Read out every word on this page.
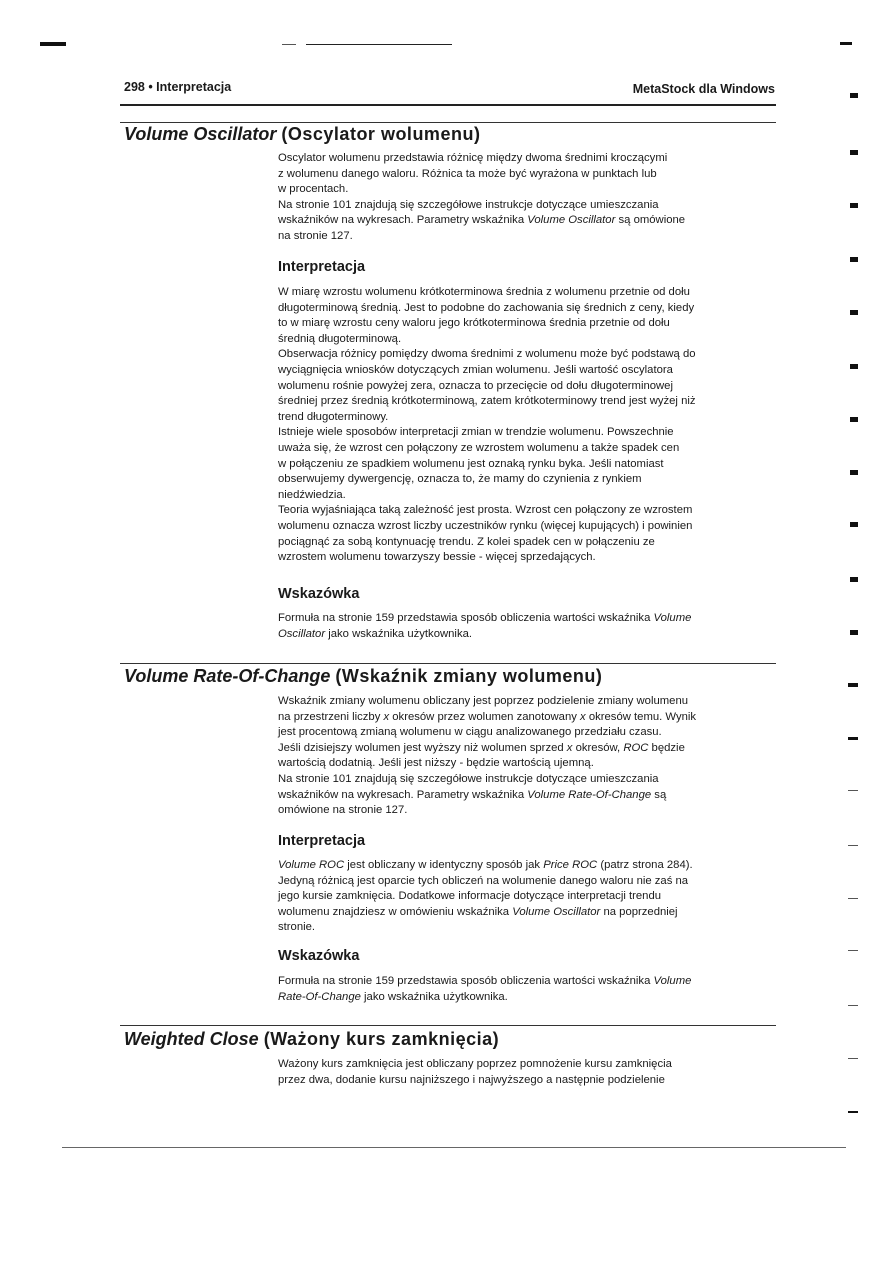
298 • Interpretacja	MetaStock dla Windows
Volume Oscillator (Oscylator wolumenu)

Oscylator wolumenu przedstawia różnicę między dwoma średnimi kroczącymi
z wolumenu danego waloru. Różnica ta może być wyrażona w punktach lub
w procentach.
Na stronie 101 znajdują się szczegółowe instrukcje dotyczące umieszczania
wskaźników na wykresach. Parametry wskaźnika Volume Oscillator są omówione
na stronie 127.

Interpretacja

W miarę wzrostu wolumenu krótkoterminowa średnia z wolumenu przetnie od dołu
długoterminową średnią. Jest to podobne do zachowania się średnich z ceny, kiedy
to w miarę wzrostu ceny waloru jego krótkoterminowa średnia przetnie od dołu
średnią długoterminową.
Obserwacja różnicy pomiędzy dwoma średnimi z wolumenu może być podstawą do
wyciągnięcia wniosków dotyczących zmian wolumenu. Jeśli wartość oscylatora
wolumenu rośnie powyżej zera, oznacza to przecięcie od dołu długoterminowej
średniej przez średnią krótkoterminową, zatem krótkoterminowy trend jest wyżej niż
trend długoterminowy.
Istnieje wiele sposobów interpretacji zmian w trendzie wolumenu. Powszechnie
uważa się, że wzrost cen połączony ze wzrostem wolumenu a także spadek cen
w połączeniu ze spadkiem wolumenu jest oznaką rynku byka. Jeśli natomiast
obserwujemy dywergencję, oznacza to, że mamy do czynienia z rynkiem
niedźwiedzia.
Teoria wyjaśniająca taką zależność jest prosta. Wzrost cen połączony ze wzrostem
wolumenu oznacza wzrost liczby uczestników rynku (więcej kupujących) i powinien
pociągnąć za sobą kontynuację trendu. Z kolei spadek cen w połączeniu ze
wzrostem wolumenu towarzyszy bessie - więcej sprzedających.

Wskazówka

Formuła na stronie 159 przedstawia sposób obliczenia wartości wskaźnika Volume
Oscillator jako wskaźnika użytkownika.

Volume Rate-Of-Change (Wskaźnik zmiany wolumenu)

Wskaźnik zmiany wolumenu obliczany jest poprzez podzielenie zmiany wolumenu
na przestrzeni liczby x okresów przez wolumen zanotowany x okresów temu. Wynik
jest procentową zmianą wolumenu w ciągu analizowanego przedziału czasu.
Jeśli dzisiejszy wolumen jest wyższy niż wolumen sprzed x okresów, ROC będzie
wartością dodatnią. Jeśli jest niższy - będzie wartością ujemną.
Na stronie 101 znajdują się szczegółowe instrukcje dotyczące umieszczania
wskaźników na wykresach. Parametry wskaźnika Volume Rate-Of-Change są
omówione na stronie 127.

Interpretacja

Volume ROC jest obliczany w identyczny sposób jak Price ROC (patrz strona 284).
Jedyną różnicą jest oparcie tych obliczeń na wolumenie danego waloru nie zaś na
jego kursie zamknięcia. Dodatkowe informacje dotyczące interpretacji trendu
wolumenu znajdziesz w omówieniu wskaźnika Volume Oscillator na poprzedniej
stronie.

Wskazówka

Formuła na stronie 159 przedstawia sposób obliczenia wartości wskaźnika Volume
Rate-Of-Change jako wskaźnika użytkownika.

Weighted Close (Ważony kurs zamknięcia)

Ważony kurs zamknięcia jest obliczany poprzez pomnożenie kursu zamknięcia
przez dwa, dodanie kursu najniższego i najwyższego a następnie podzielenie
